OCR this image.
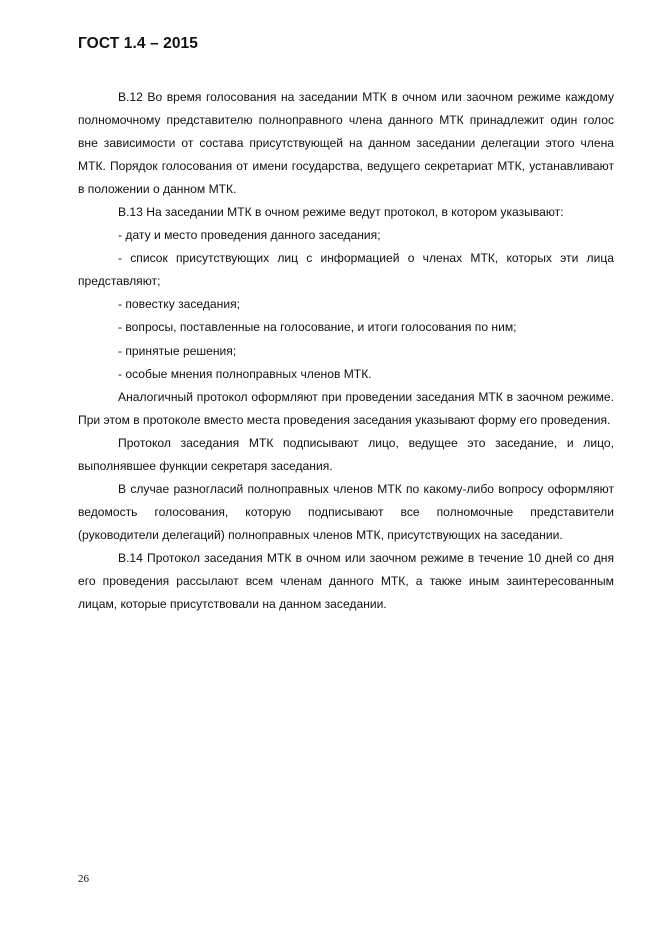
ГОСТ 1.4 – 2015

В.12 Во время голосования на заседании МТК в очном или заочном режиме каждому полномочному представителю полноправного члена данного МТК принадлежит один голос вне зависимости от состава присутствующей на данном заседании делегации этого члена МТК. Порядок голосования от имени государства, ведущего секретариат МТК, устанавливают в положении о данном МТК.

В.13 На заседании МТК в очном режиме ведут протокол, в котором указывают:

- дату и место проведения данного заседания;

- список присутствующих лиц с информацией о членах МТК, которых эти лица представляют;

- повестку заседания;

- вопросы, поставленные на голосование, и итоги голосования по ним;

- принятые решения;

- особые мнения полноправных членов МТК.

Аналогичный протокол оформляют при проведении заседания МТК в заочном режиме. При этом в протоколе вместо места проведения заседания указывают форму его проведения.

Протокол заседания МТК подписывают лицо, ведущее это заседание, и лицо, выполнявшее функции секретаря заседания.

В случае разногласий полноправных членов МТК по какому-либо вопросу оформляют ведомость голосования, которую подписывают все полномочные представители (руководители делегаций) полноправных членов МТК, присутствующих на заседании.

В.14 Протокол заседания МТК в очном или заочном режиме в течение 10 дней со дня его проведения рассылают всем членам данного МТК, а также иным заинтересованным лицам, которые присутствовали на данном заседании.

26
